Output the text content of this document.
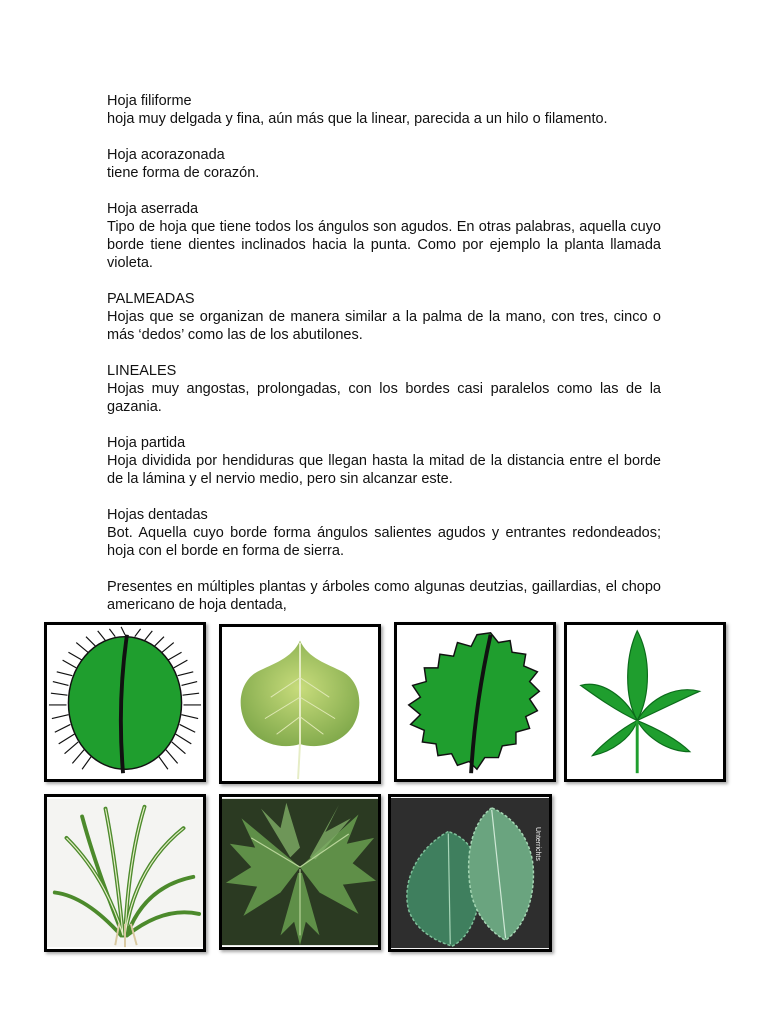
Hoja filiforme

hoja muy delgada y fina, aún más que la linear, parecida a un hilo o filamento.

Hoja acorazonada

tiene forma de corazón.

Hoja aserrada

Tipo de hoja que tiene todos los ángulos son agudos. En otras palabras, aquella cuyo borde tiene dientes inclinados hacia la punta. Como por ejemplo la planta llamada violeta.

PALMEADAS

Hojas que se organizan de manera similar a la palma de la mano, con tres, cinco o más ‘dedos’ como las de los abutilones.

LINEALES

Hojas muy angostas, prolongadas, con los bordes casi paralelos como las de la gazania.

Hoja partida

Hoja dividida por hendiduras que llegan hasta la mitad de la distancia entre el borde de la lámina y el nervio medio, pero sin alcanzar este.

Hojas dentadas

Bot. Aquella cuyo borde forma ángulos salientes agudos y entrantes redondeados; hoja con el borde en forma de sierra.

Presentes en múltiples plantas y árboles como algunas deutzias, gaillardias, el chopo americano de hoja dentada,

Unterrichts
